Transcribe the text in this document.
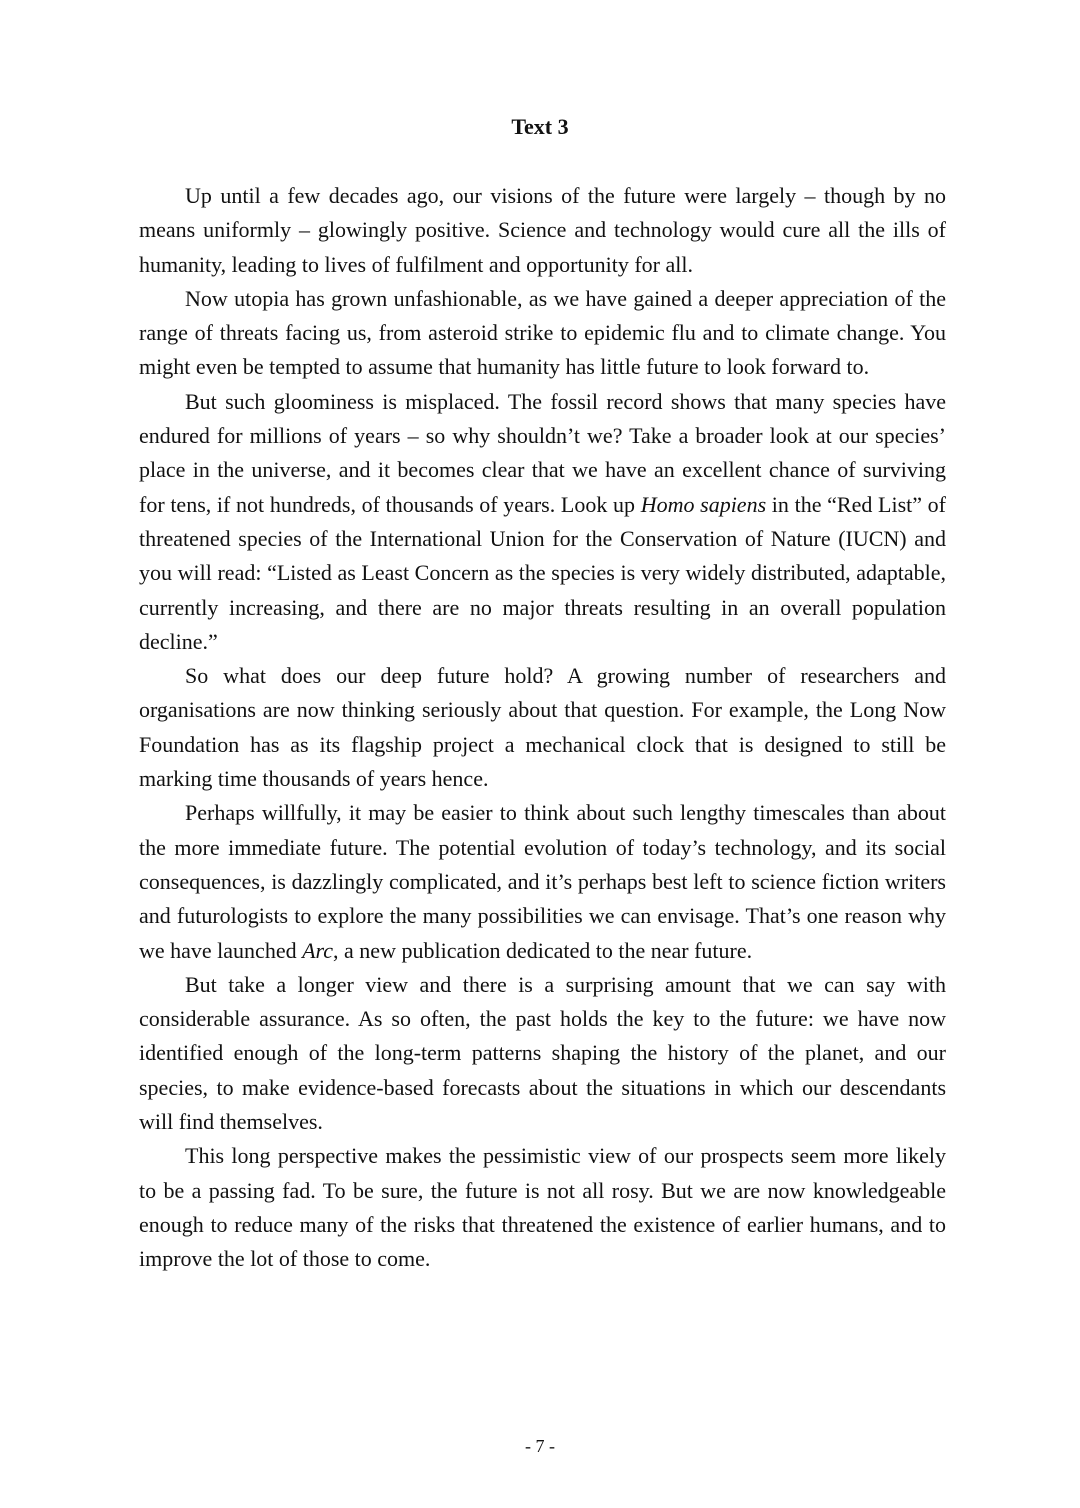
Text 3

Up until a few decades ago, our visions of the future were largely – though by no means uniformly – glowingly positive. Science and technology would cure all the ills of humanity, leading to lives of fulfilment and opportunity for all.

Now utopia has grown unfashionable, as we have gained a deeper appreciation of the range of threats facing us, from asteroid strike to epidemic flu and to climate change. You might even be tempted to assume that humanity has little future to look forward to.

But such gloominess is misplaced. The fossil record shows that many species have endured for millions of years – so why shouldn’t we? Take a broader look at our species’ place in the universe, and it becomes clear that we have an excellent chance of surviving for tens, if not hundreds, of thousands of years. Look up Homo sapiens in the “Red List” of threatened species of the International Union for the Conservation of Nature (IUCN) and you will read: “Listed as Least Concern as the species is very widely distributed, adaptable, currently increasing, and there are no major threats resulting in an overall population decline.”

So what does our deep future hold? A growing number of researchers and organisations are now thinking seriously about that question. For example, the Long Now Foundation has as its flagship project a mechanical clock that is designed to still be marking time thousands of years hence.

Perhaps willfully, it may be easier to think about such lengthy timescales than about the more immediate future. The potential evolution of today’s technology, and its social consequences, is dazzlingly complicated, and it’s perhaps best left to science fiction writers and futurologists to explore the many possibilities we can envisage. That’s one reason why we have launched Arc, a new publication dedicated to the near future.

But take a longer view and there is a surprising amount that we can say with considerable assurance. As so often, the past holds the key to the future: we have now identified enough of the long-term patterns shaping the history of the planet, and our species, to make evidence-based forecasts about the situations in which our descendants will find themselves.

This long perspective makes the pessimistic view of our prospects seem more likely to be a passing fad. To be sure, the future is not all rosy. But we are now knowledgeable enough to reduce many of the risks that threatened the existence of earlier humans, and to improve the lot of those to come.

- 7 -
